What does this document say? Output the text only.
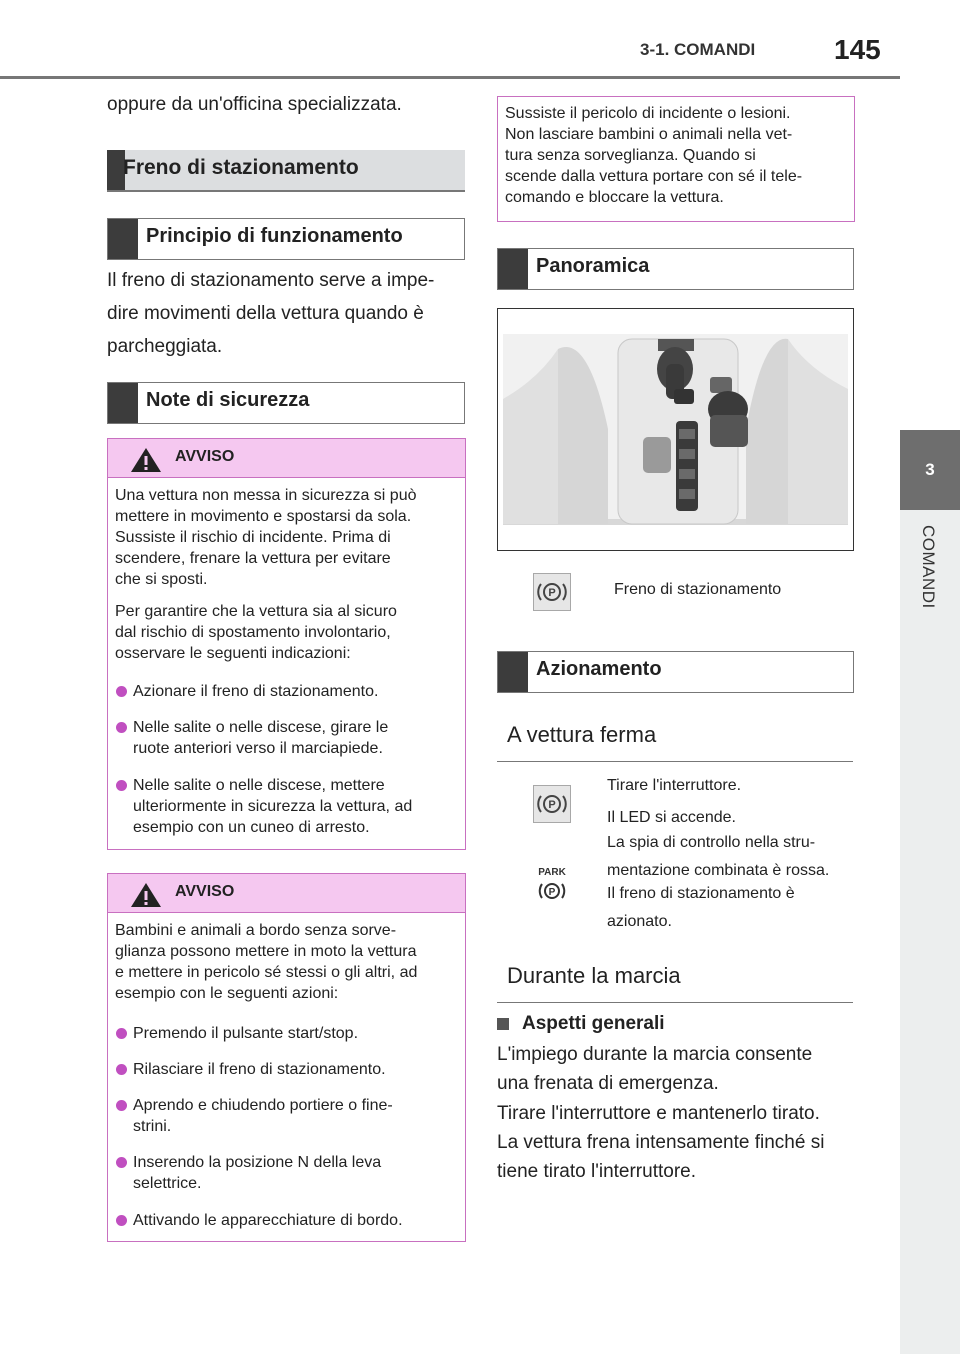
3-1. COMANDI	145
3
COMANDI
oppure da un'officina specializzata.
Freno di stazionamento
Principio di funzionamento
Il freno di stazionamento serve a impe-
dire movimenti della vettura quando è
parcheggiata.
Note di sicurezza
AVVISO
Una vettura non messa in sicurezza si può
mettere in movimento e spostarsi da sola.
Sussiste il rischio di incidente. Prima di
scendere, frenare la vettura per evitare
che si sposti.
Per garantire che la vettura sia al sicuro
dal rischio di spostamento involontario,
osservare le seguenti indicazioni:
Azionare il freno di stazionamento.
Nelle salite o nelle discese, girare le
ruote anteriori verso il marciapiede.
Nelle salite o nelle discese, mettere
ulteriormente in sicurezza la vettura, ad
esempio con un cuneo di arresto.
AVVISO
Bambini e animali a bordo senza sorve-
glianza possono mettere in moto la vettura
e mettere in pericolo sé stessi o gli altri, ad
esempio con le seguenti azioni:
Premendo il pulsante start/stop.
Rilasciare il freno di stazionamento.
Aprendo e chiudendo portiere o fine-
strini.
Inserendo la posizione N della leva
selettrice.
Attivando le apparecchiature di bordo.
Sussiste il pericolo di incidente o lesioni.
Non lasciare bambini o animali nella vet-
tura senza sorveglianza. Quando si
scende dalla vettura portare con sé il tele-
comando e bloccare la vettura.
Panoramica
P	Freno di stazionamento
Azionamento
A vettura ferma
P
Tirare l'interruttore.
Il LED si accende.
La spia di controllo nella stru-
mentazione combinata è rossa.
Il freno di stazionamento è
azionato.
PARK
P
Durante la marcia
Aspetti generali
L'impiego durante la marcia consente
una frenata di emergenza.
Tirare l'interruttore e mantenerlo tirato.
La vettura frena intensamente finché si
tiene tirato l'interruttore.
